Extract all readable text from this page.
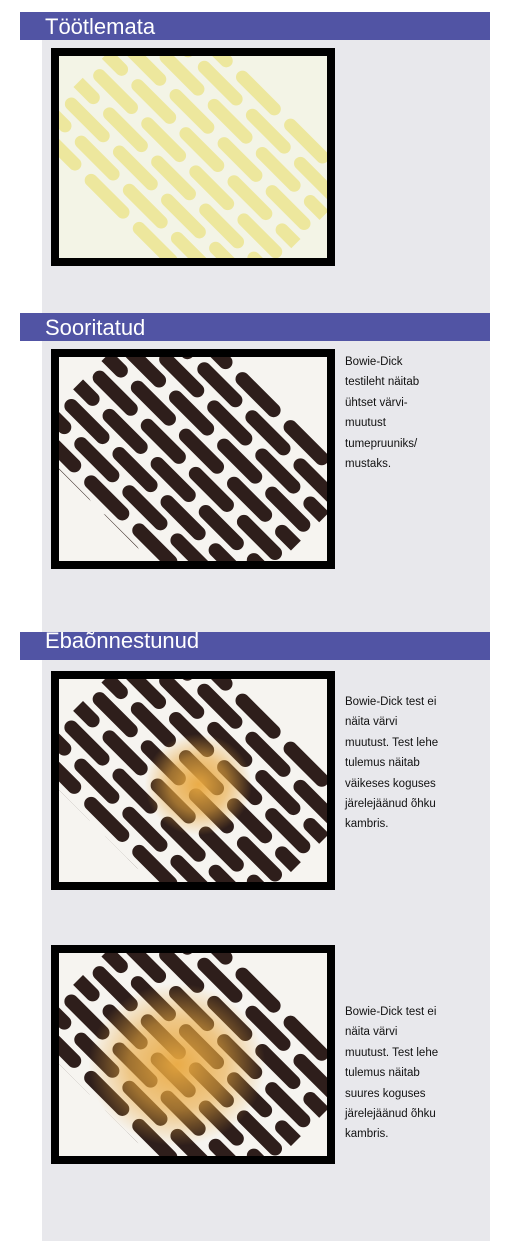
Töötlemata
Sooritatud
Bowie-Dick
testileht näitab
ühtset värvi-
muutust
tumepruuniks/
mustaks.
Ebaõnnestunud
Bowie-Dick test ei
näita värvi
muutust. Test lehe
tulemus näitab
väikeses koguses
järelejäänud õhku
kambris.
Bowie-Dick test ei
näita värvi
muutust. Test lehe
tulemus näitab
suures koguses
järelejäänud õhku
kambris.
